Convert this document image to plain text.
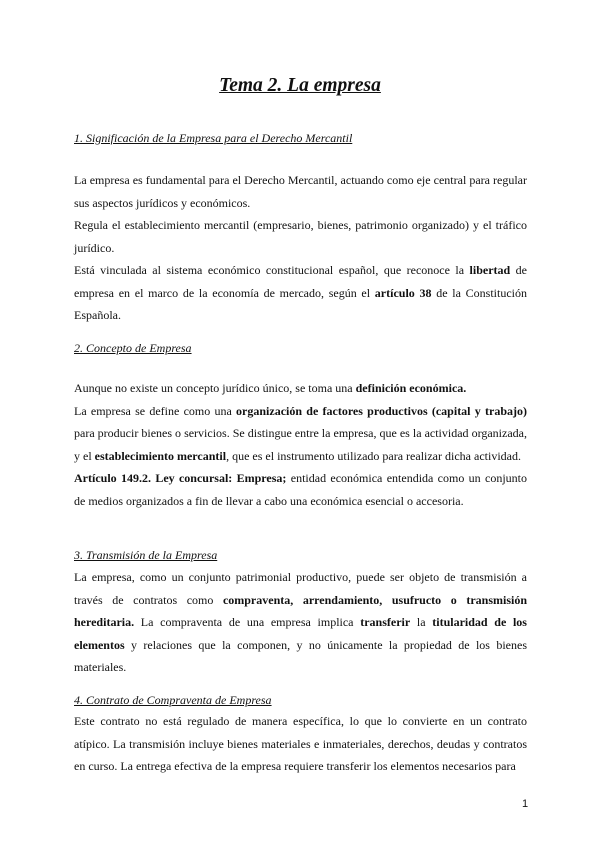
Tema 2. La empresa
1. Significación de la Empresa para el Derecho Mercantil

La empresa es fundamental para el Derecho Mercantil, actuando como eje central para regular sus aspectos jurídicos y económicos.

Regula el establecimiento mercantil (empresario, bienes, patrimonio organizado) y el tráfico jurídico.

Está vinculada al sistema económico constitucional español, que reconoce la libertad de empresa en el marco de la economía de mercado, según el artículo 38 de la Constitución Española.

2. Concepto de Empresa

Aunque no existe un concepto jurídico único, se toma una definición económica.

La empresa se define como una organización de factores productivos (capital y trabajo) para producir bienes o servicios. Se distingue entre la empresa, que es la actividad organizada, y el establecimiento mercantil, que es el instrumento utilizado para realizar dicha actividad.

Artículo 149.2. Ley concursal: Empresa; entidad económica entendida como un conjunto de medios organizados a fin de llevar a cabo una económica esencial o accesoria.

3. Transmisión de la Empresa

La empresa, como un conjunto patrimonial productivo, puede ser objeto de transmisión a través de contratos como compraventa, arrendamiento, usufructo o transmisión hereditaria. La compraventa de una empresa implica transferir la titularidad de los elementos y relaciones que la componen, y no únicamente la propiedad de los bienes materiales.

4. Contrato de Compraventa de Empresa

Este contrato no está regulado de manera específica, lo que lo convierte en un contrato atípico. La transmisión incluye bienes materiales e inmateriales, derechos, deudas y contratos en curso. La entrega efectiva de la empresa requiere transferir los elementos necesarios para

1
